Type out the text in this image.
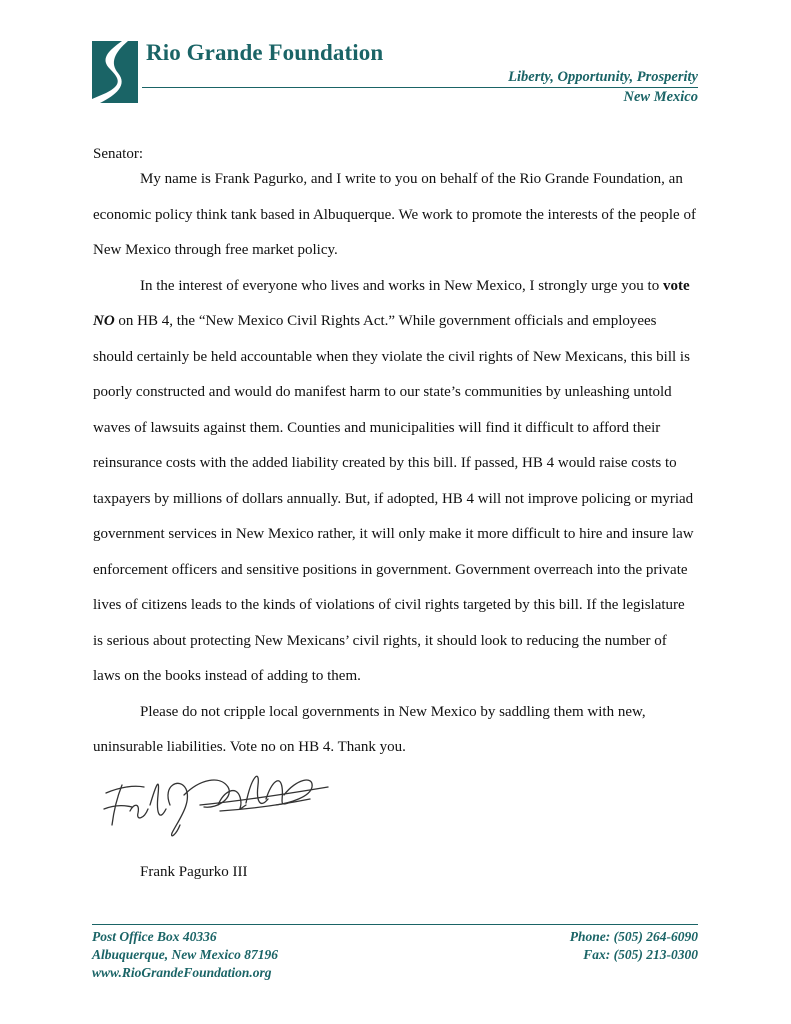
Rio Grande Foundation
Liberty, Opportunity, Prosperity
New Mexico
Senator:

My name is Frank Pagurko, and I write to you on behalf of the Rio Grande Foundation, an economic policy think tank based in Albuquerque. We work to promote the interests of the people of New Mexico through free market policy.

In the interest of everyone who lives and works in New Mexico, I strongly urge you to vote NO on HB 4, the “New Mexico Civil Rights Act.” While government officials and employees should certainly be held accountable when they violate the civil rights of New Mexicans, this bill is poorly constructed and would do manifest harm to our state’s communities by unleashing untold waves of lawsuits against them. Counties and municipalities will find it difficult to afford their reinsurance costs with the added liability created by this bill. If passed, HB 4 would raise costs to taxpayers by millions of dollars annually. But, if adopted, HB 4 will not improve policing or myriad government services in New Mexico rather, it will only make it more difficult to hire and insure law enforcement officers and sensitive positions in government. Government overreach into the private lives of citizens leads to the kinds of violations of civil rights targeted by this bill. If the legislature is serious about protecting New Mexicans’ civil rights, it should look to reducing the number of laws on the books instead of adding to them.

Please do not cripple local governments in New Mexico by saddling them with new, uninsurable liabilities. Vote no on HB 4. Thank you.

Frank Pagurko III
Post Office Box 40336
Albuquerque, New Mexico 87196
www.RioGrandeFoundation.org
Phone: (505) 264-6090
Fax: (505) 213-0300
